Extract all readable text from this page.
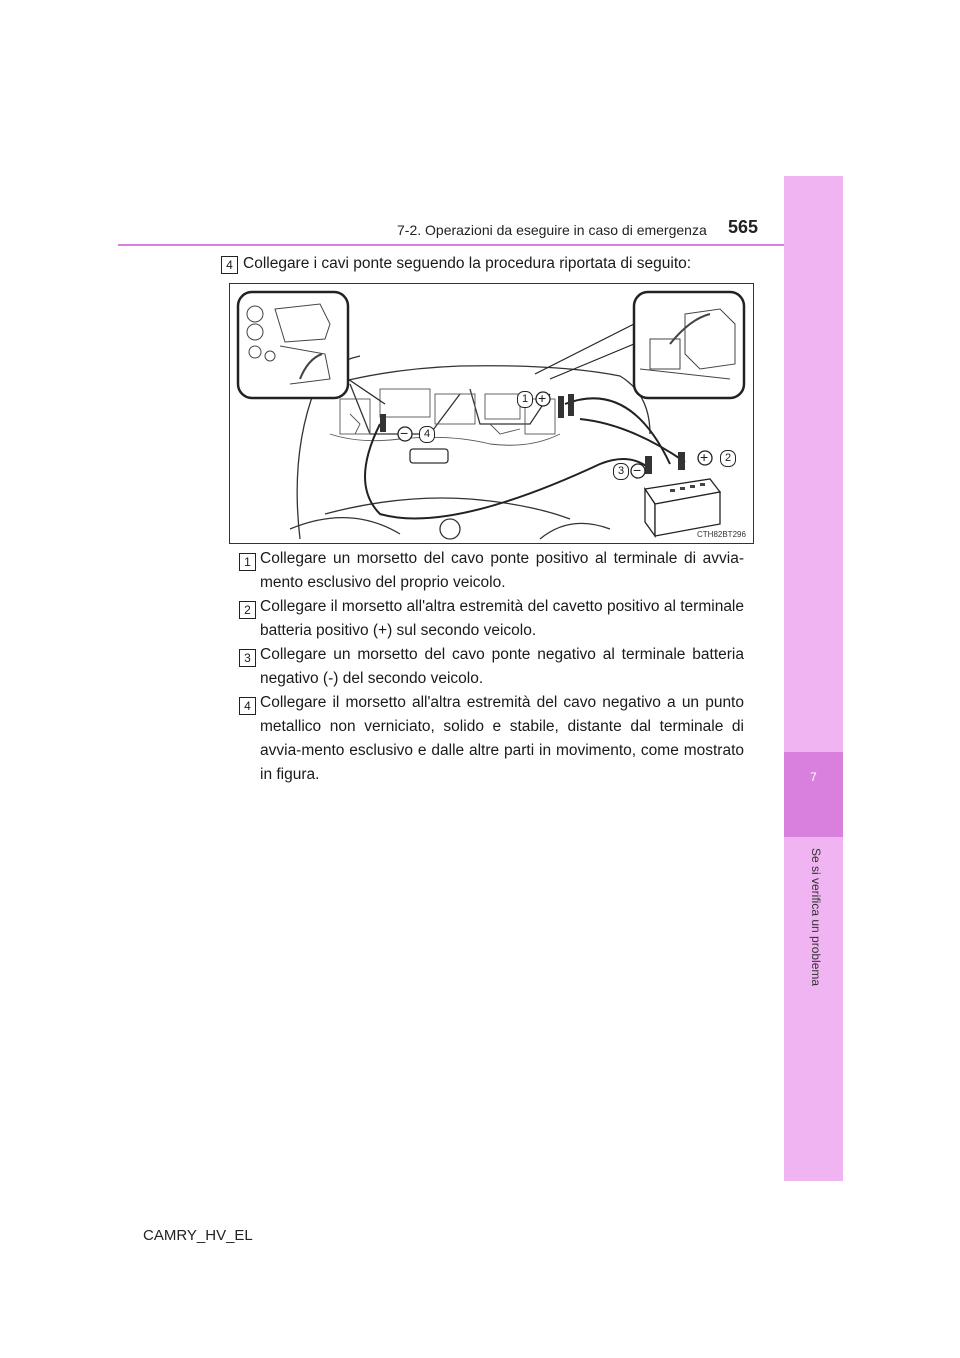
7
Se si verifica un problema
7-2. Operazioni da eseguire in caso di emergenza 565
4 Collegare i cavi ponte seguendo la procedura riportata di seguito:
+
−
+
−
1
2
3
4
CTH82BT296
1 Collegare un morsetto del cavo ponte positivo al terminale di avvia-mento esclusivo del proprio veicolo.
2 Collegare il morsetto all'altra estremità del cavetto positivo al terminale batteria positivo (+) sul secondo veicolo.
3 Collegare un morsetto del cavo ponte negativo al terminale batteria negativo (-) del secondo veicolo.
4 Collegare il morsetto all'altra estremità del cavo negativo a un punto metallico non verniciato, solido e stabile, distante dal terminale di avvia-mento esclusivo e dalle altre parti in movimento, come mostrato in figura.
CAMRY_HV_EL
